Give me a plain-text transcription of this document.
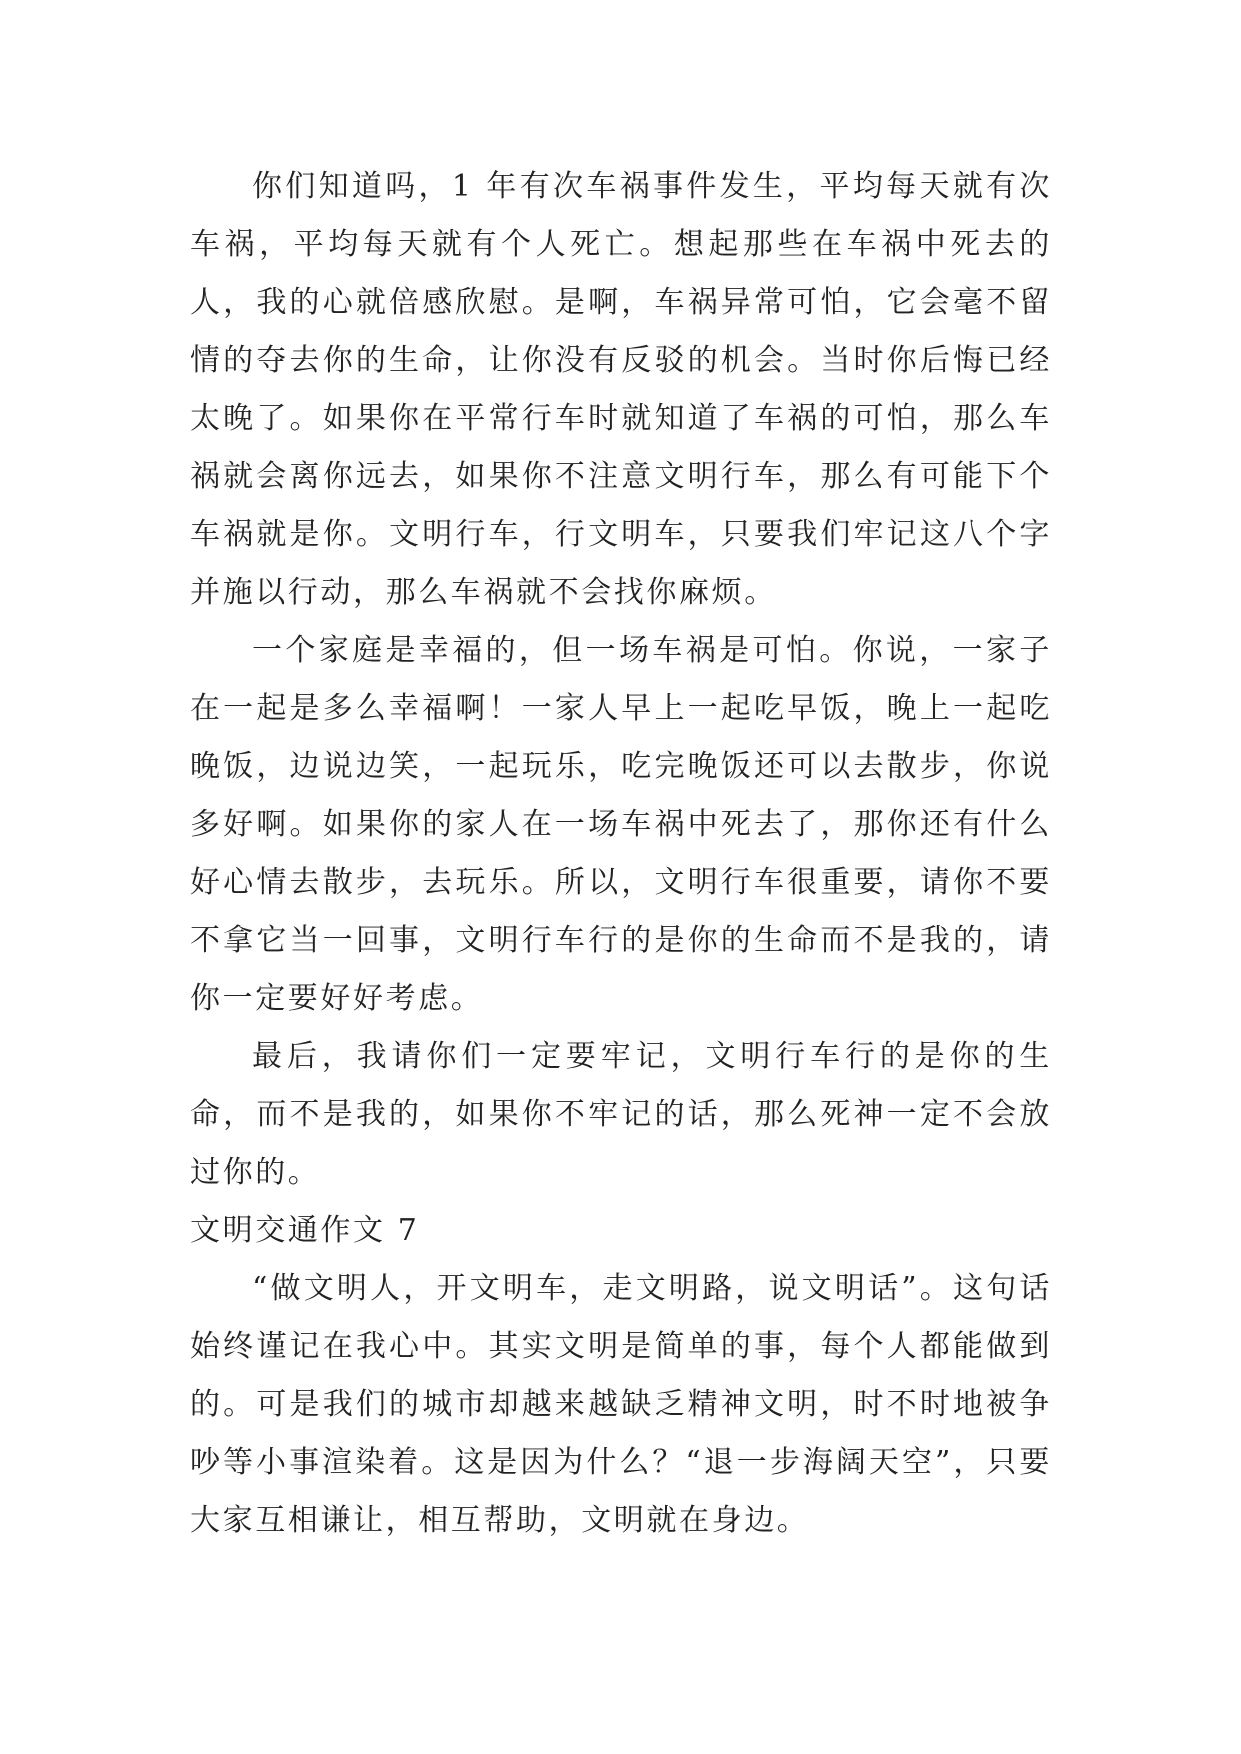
你们知道吗，1 年有次车祸事件发生，平均每天就有次车祸，平均每天就有个人死亡。想起那些在车祸中死去的人，我的心就倍感欣慰。是啊，车祸异常可怕，它会毫不留情的夺去你的生命，让你没有反驳的机会。当时你后悔已经太晚了。如果你在平常行车时就知道了车祸的可怕，那么车祸就会离你远去，如果你不注意文明行车，那么有可能下个车祸就是你。文明行车，行文明车，只要我们牢记这八个字并施以行动，那么车祸就不会找你麻烦。

一个家庭是幸福的，但一场车祸是可怕。你说，一家子在一起是多么幸福啊！一家人早上一起吃早饭，晚上一起吃晚饭，边说边笑，一起玩乐，吃完晚饭还可以去散步，你说多好啊。如果你的家人在一场车祸中死去了，那你还有什么好心情去散步，去玩乐。所以，文明行车很重要，请你不要不拿它当一回事，文明行车行的是你的生命而不是我的，请你一定要好好考虑。

最后，我请你们一定要牢记，文明行车行的是你的生命，而不是我的，如果你不牢记的话，那么死神一定不会放过你的。

文明交通作文 7

“做文明人，开文明车，走文明路，说文明话”。这句话始终谨记在我心中。其实文明是简单的事，每个人都能做到的。可是我们的城市却越来越缺乏精神文明，时不时地被争吵等小事渲染着。这是因为什么？“退一步海阔天空”，只要大家互相谦让，相互帮助，文明就在身边。
